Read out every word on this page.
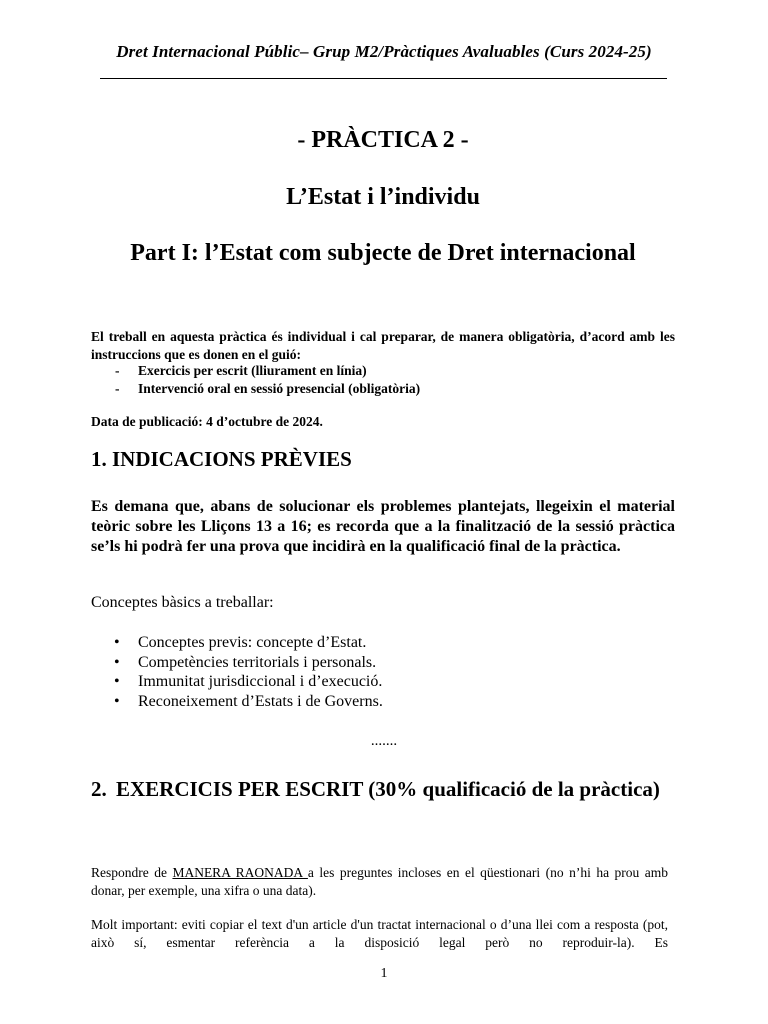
Dret Internacional Públic– Grup M2/Pràctiques Avaluables (Curs 2024-25)
- PRÀCTICA 2 -
L’Estat i l’individu
Part I: l’Estat com subjecte de Dret internacional
El treball en aquesta pràctica és individual i cal preparar, de manera obligatòria, d’acord amb les instruccions que es donen en el guió:
- Exercicis per escrit (lliurament en línia)
- Intervenció oral en sessió presencial (obligatòria)
Data de publicació: 4 d’octubre de 2024.
1. INDICACIONS PRÈVIES
Es demana que, abans de solucionar els problemes plantejats, llegeixin el material teòric sobre les Lliçons 13 a 16; es recorda que a la finalització de la sessió pràctica se’ls hi podrà fer una prova que incidirà en la qualificació final de la pràctica.
Conceptes bàsics a treballar:
• Conceptes previs: concepte d’Estat.
• Competències territorials i personals.
• Immunitat jurisdiccional i d’execució.
• Reconeixement d’Estats i de Governs.
.......
2. EXERCICIS PER ESCRIT (30% qualificació de la pràctica)
Respondre de MANERA RAONADA a les preguntes incloses en el qüestionari (no n’hi ha prou amb donar, per exemple, una xifra o una data).
Molt important: eviti copiar el text d'un article d'un tractat internacional o d’una llei com a resposta (pot, això sí, esmentar referència a la disposició legal però no reproduir-la). Es
1
